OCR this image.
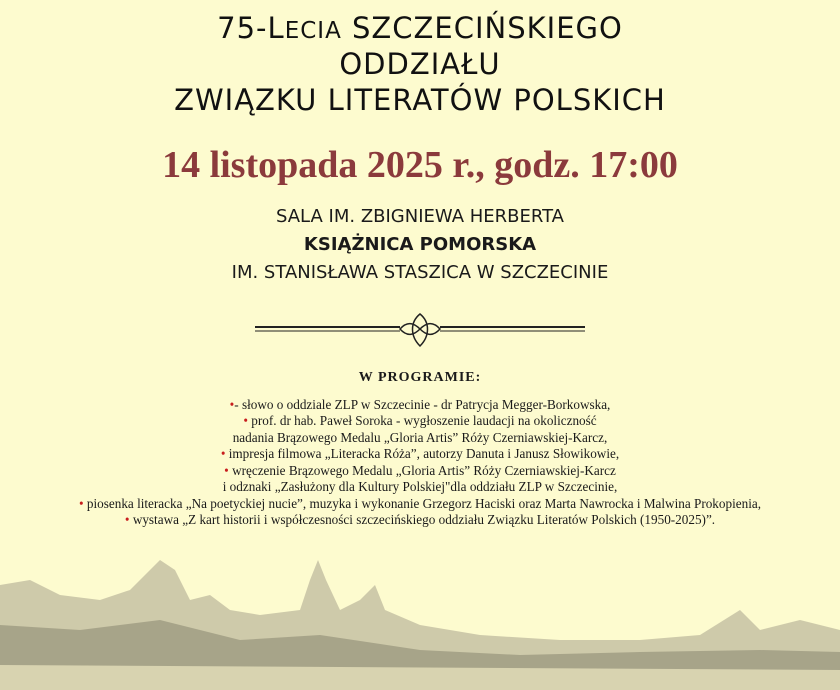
75-LECIA SZCZECIŃSKIEGO
ODDZIAŁU
ZWIĄZKU LITERATÓW POLSKICH
14 listopada 2025 r., godz. 17:00
SALA IM. ZBIGNIEWA HERBERTA
KSIĄŻNICA POMORSKA
IM. STANISŁAWA STASZICA W SZCZECINIE
W PROGRAMIE:
•- słowo o oddziale ZLP w Szczecinie - dr Patrycja Megger-Borkowska,
• prof. dr hab. Paweł Soroka - wygłoszenie laudacji na okoliczność
nadania Brązowego Medalu „Gloria Artis” Róży Czerniawskiej-Karcz,
• impresja filmowa „Literacka Róża”, autorzy Danuta i Janusz Słowikowie,
• wręczenie Brązowego Medalu „Gloria Artis” Róży Czerniawskiej-Karcz
i odznaki „Zasłużony dla Kultury Polskiej"dla oddziału ZLP w Szczecinie,
• piosenka literacka „Na poetyckiej nucie”, muzyka i wykonanie Grzegorz Haciski oraz Marta Nawrocka i Malwina Prokopienia,
• wystawa „Z kart historii i współczesności szczecińskiego oddziału Związku Literatów Polskich (1950-2025)”.
